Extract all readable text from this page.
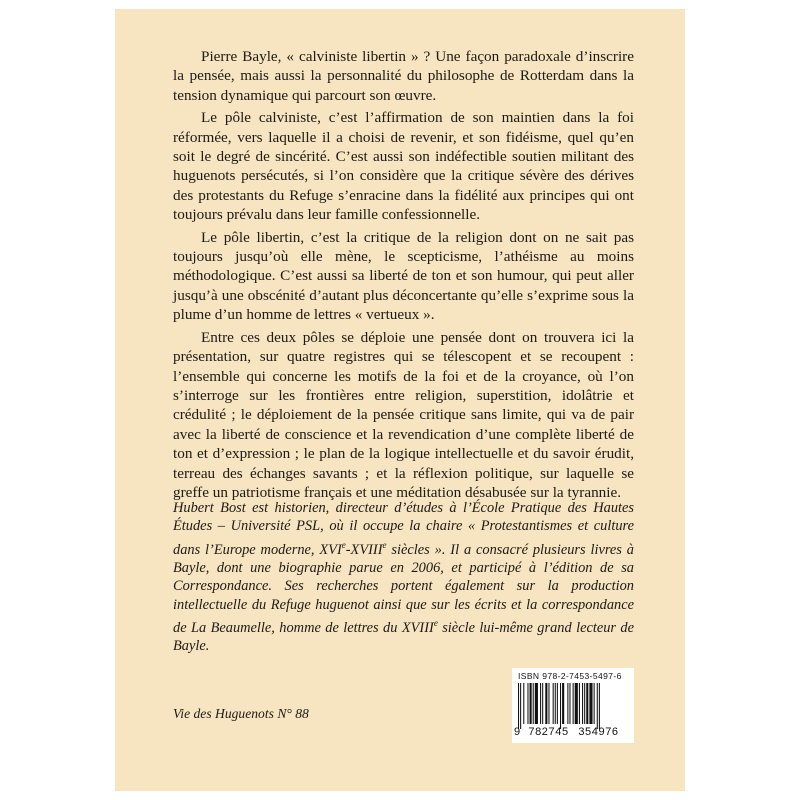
Pierre Bayle, « calviniste libertin » ? Une façon paradoxale d’inscrire la pensée, mais aussi la personnalité du philosophe de Rotterdam dans la tension dynamique qui parcourt son œuvre.

Le pôle calviniste, c’est l’affirmation de son maintien dans la foi réformée, vers laquelle il a choisi de revenir, et son fidéisme, quel qu’en soit le degré de sincérité. C’est aussi son indéfectible soutien militant des huguenots persécutés, si l’on considère que la critique sévère des dérives des protestants du Refuge s’enracine dans la fidélité aux principes qui ont toujours prévalu dans leur famille confessionnelle.

Le pôle libertin, c’est la critique de la religion dont on ne sait pas toujours jusqu’où elle mène, le scepticisme, l’athéisme au moins méthodologique. C’est aussi sa liberté de ton et son humour, qui peut aller jusqu’à une obscénité d’autant plus déconcertante qu’elle s’exprime sous la plume d’un homme de lettres « vertueux ».

Entre ces deux pôles se déploie une pensée dont on trouvera ici la présentation, sur quatre registres qui se télescopent et se recoupent : l’ensemble qui concerne les motifs de la foi et de la croyance, où l’on s’interroge sur les frontières entre religion, superstition, idolâtrie et crédulité ; le déploiement de la pensée critique sans limite, qui va de pair avec la liberté de conscience et la revendication d’une complète liberté de ton et d’expression ; le plan de la logique intellectuelle et du savoir érudit, terreau des échanges savants ; et la réflexion politique, sur laquelle se greffe un patriotisme français et une méditation désabusée sur la tyrannie.

Hubert Bost est historien, directeur d’études à l’École Pratique des Hautes Études – Université PSL, où il occupe la chaire « Protestantismes et culture dans l’Europe moderne, XVIe-XVIIIe siècles ». Il a consacré plusieurs livres à Bayle, dont une biographie parue en 2006, et participé à l’édition de sa Correspondance. Ses recherches portent également sur la production intellectuelle du Refuge huguenot ainsi que sur les écrits et la correspondance de La Beaumelle, homme de lettres du XVIIIe siècle lui-même grand lecteur de Bayle.

Vie des Huguenots N° 88
ISBN 978-2-7453-5497-6
9 782745 354976
